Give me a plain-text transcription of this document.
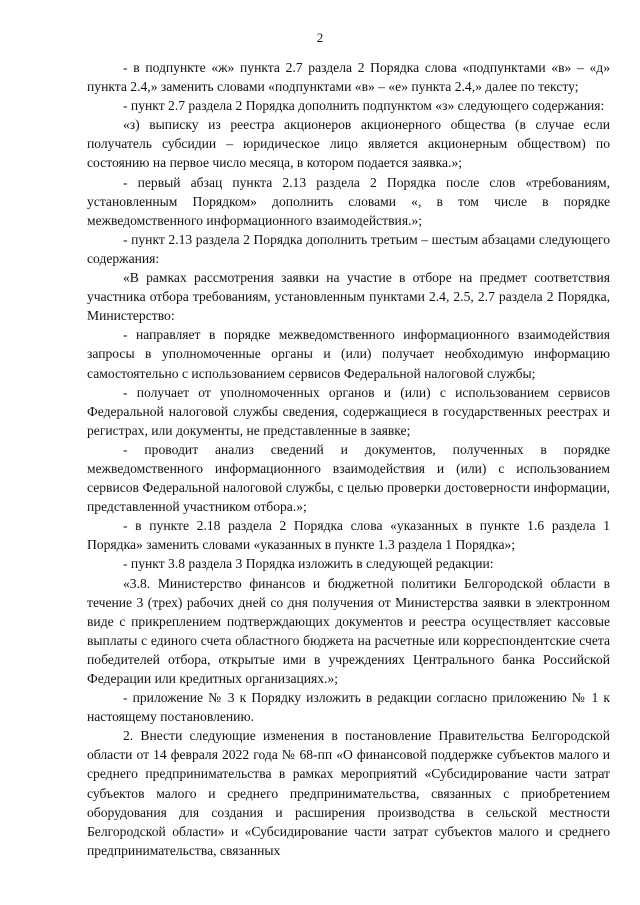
2

- в подпункте «ж» пункта 2.7 раздела 2 Порядка слова «подпунктами «в» – «д» пункта 2.4,» заменить словами «подпунктами «в» – «е» пункта 2.4,» далее по тексту;

- пункт 2.7 раздела 2 Порядка дополнить подпунктом «з» следующего содержания:

«з) выписку из реестра акционеров акционерного общества (в случае если получатель субсидии – юридическое лицо является акционерным обществом) по состоянию на первое число месяца, в котором подается заявка.»;

- первый абзац пункта 2.13 раздела 2 Порядка после слов «требованиям, установленным Порядком» дополнить словами «, в том числе в порядке межведомственного информационного взаимодействия.»;

- пункт 2.13 раздела 2 Порядка дополнить третьим – шестым абзацами следующего содержания:

«В рамках рассмотрения заявки на участие в отборе на предмет соответствия участника отбора требованиям, установленным пунктами 2.4, 2.5, 2.7 раздела 2 Порядка, Министерство:

- направляет в порядке межведомственного информационного взаимодействия запросы в уполномоченные органы и (или) получает необходимую информацию самостоятельно с использованием сервисов Федеральной налоговой службы;

- получает от уполномоченных органов и (или) с использованием сервисов Федеральной налоговой службы сведения, содержащиеся в государственных реестрах и регистрах, или документы, не представленные в заявке;

- проводит анализ сведений и документов, полученных в порядке межведомственного информационного взаимодействия и (или) с использованием сервисов Федеральной налоговой службы, с целью проверки достоверности информации, представленной участником отбора.»;

- в пункте 2.18 раздела 2 Порядка слова «указанных в пункте 1.6 раздела 1 Порядка» заменить словами «указанных в пункте 1.3 раздела 1 Порядка»;

- пункт 3.8 раздела 3 Порядка изложить в следующей редакции:

«3.8. Министерство финансов и бюджетной политики Белгородской области в течение 3 (трех) рабочих дней со дня получения от Министерства заявки в электронном виде с прикреплением подтверждающих документов и реестра осуществляет кассовые выплаты с единого счета областного бюджета на расчетные или корреспондентские счета победителей отбора, открытые ими в учреждениях Центрального банка Российской Федерации или кредитных организациях.»;

- приложение № 3 к Порядку изложить в редакции согласно приложению № 1 к настоящему постановлению.

2. Внести следующие изменения в постановление Правительства Белгородской области от 14 февраля 2022 года № 68-пп «О финансовой поддержке субъектов малого и среднего предпринимательства в рамках мероприятий «Субсидирование части затрат субъектов малого и среднего предпринимательства, связанных с приобретением оборудования для создания и расширения производства в сельской местности Белгородской области» и «Субсидирование части затрат субъектов малого и среднего предпринимательства, связанных
